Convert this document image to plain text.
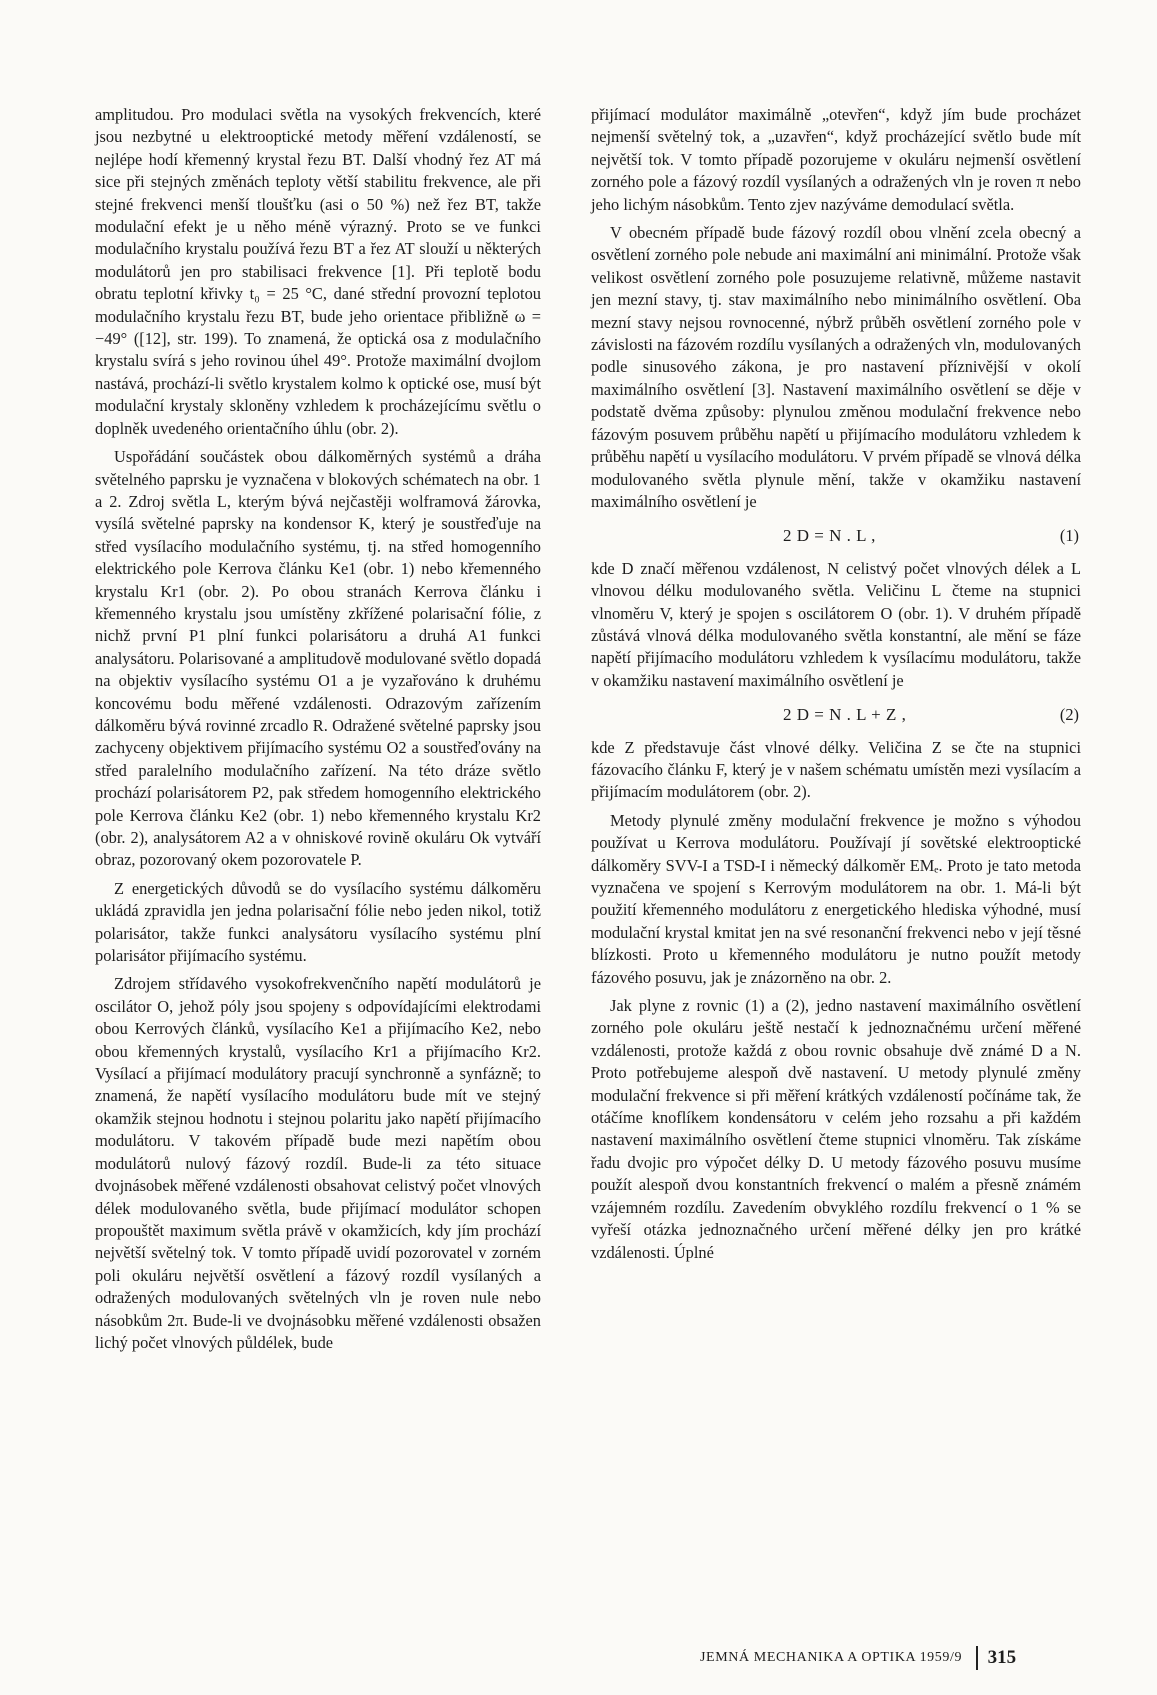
amplitudou. Pro modulaci světla na vysokých frekvencích, které jsou nezbytné u elektrooptické metody měření vzdáleností, se nejlépe hodí křemenný krystal řezu BT. Další vhodný řez AT má sice při stejných změnách teploty větší stabilitu frekvence, ale při stejné frekvenci menší tloušťku (asi o 50 %) než řez BT, takže modulační efekt je u něho méně výrazný. Proto se ve funkci modulačního krystalu používá řezu BT a řez AT slouží u některých modulátorů jen pro stabilisaci frekvence [1]. Při teplotě bodu obratu teplotní křivky t₀ = 25 °C, dané střední provozní teplotou modulačního krystalu řezu BT, bude jeho orientace přibližně ω = −49° ([12], str. 199). To znamená, že optická osa z modulačního krystalu svírá s jeho rovinou úhel 49°. Protože maximální dvojlom nastává, prochází-li světlo krystalem kolmo k optické ose, musí být modulační krystaly skloněny vzhledem k procházejícímu světlu o doplněk uvedeného orientačního úhlu (obr. 2).

Uspořádání součástek obou dálkoměrných systémů a dráha světelného paprsku je vyznačena v blokových schématech na obr. 1 a 2. Zdroj světla L, kterým bývá nejčastěji wolframová žárovka, vysílá světelné paprsky na kondensor K, který je soustřeďuje na střed vysílacího modulačního systému, tj. na střed homogenního elektrického pole Kerrova článku Ke1 (obr. 1) nebo křemenného krystalu Kr1 (obr. 2). Po obou stranách Kerrova článku i křemenného krystalu jsou umístěny zkřížené polarisační fólie, z nichž první P1 plní funkci polarisátoru a druhá A1 funkci analysátoru. Polarisované a amplitudově modulované světlo dopadá na objektiv vysílacího systému O1 a je vyzařováno k druhému koncovému bodu měřené vzdálenosti. Odrazovým zařízením dálkoměru bývá rovinné zrcadlo R. Odražené světelné paprsky jsou zachyceny objektivem přijímacího systému O2 a soustřeďovány na střed paralelního modulačního zařízení. Na této dráze světlo prochází polarisátorem P2, pak středem homogenního elektrického pole Kerrova článku Ke2 (obr. 1) nebo křemenného krystalu Kr2 (obr. 2), analysátorem A2 a v ohniskové rovině okuláru Ok vytváří obraz, pozorovaný okem pozorovatele P.

Z energetických důvodů se do vysílacího systému dálkoměru ukládá zpravidla jen jedna polarisační fólie nebo jeden nikol, totiž polarisátor, takže funkci analysátoru vysílacího systému plní polarisátor přijímacího systému.

Zdrojem střídavého vysokofrekvenčního napětí modulátorů je oscilátor O, jehož póly jsou spojeny s odpovídajícími elektrodami obou Kerrových článků, vysílacího Ke1 a přijímacího Ke2, nebo obou křemenných krystalů, vysílacího Kr1 a přijímacího Kr2. Vysílací a přijímací modulátory pracují synchronně a synfázně; to znamená, že napětí vysílacího modulátoru bude mít ve stejný okamžik stejnou hodnotu i stejnou polaritu jako napětí přijímacího modulátoru. V takovém případě bude mezi napětím obou modulátorů nulový fázový rozdíl. Bude-li za této situace dvojnásobek měřené vzdálenosti obsahovat celistvý počet vlnových délek modulovaného světla, bude přijímací modulátor schopen propouštět maximum světla právě v okamžicích, kdy jím prochází největší světelný tok. V tomto případě uvidí pozorovatel v zorném poli okuláru největší osvětlení a fázový rozdíl vysílaných a odražených modulovaných světelných vln je roven nule nebo násobkům 2π. Bude-li ve dvojnásobku měřené vzdálenosti obsažen lichý počet vlnových půldélek, bude

přijímací modulátor maximálně „otevřen“, když jím bude procházet nejmenší světelný tok, a „uzavřen“, když procházející světlo bude mít největší tok. V tomto případě pozorujeme v okuláru nejmenší osvětlení zorného pole a fázový rozdíl vysílaných a odražených vln je roven π nebo jeho lichým násobkům. Tento zjev nazýváme demodulací světla.

V obecném případě bude fázový rozdíl obou vlnění zcela obecný a osvětlení zorného pole nebude ani maximální ani minimální. Protože však velikost osvětlení zorného pole posuzujeme relativně, můžeme nastavit jen mezní stavy, tj. stav maximálního nebo minimálního osvětlení. Oba mezní stavy nejsou rovnocenné, nýbrž průběh osvětlení zorného pole v závislosti na fázovém rozdílu vysílaných a odražených vln, modulovaných podle sinusového zákona, je pro nastavení příznivější v okolí maximálního osvětlení [3]. Nastavení maximálního osvětlení se děje v podstatě dvěma způsoby: plynulou změnou modulační frekvence nebo fázovým posuvem průběhu napětí u přijímacího modulátoru vzhledem k průběhu napětí u vysílacího modulátoru. V prvém případě se vlnová délka modulovaného světla plynule mění, takže v okamžiku nastavení maximálního osvětlení je

2 D = N . L ,	(1)

kde D značí měřenou vzdálenost, N celistvý počet vlnových délek a L vlnovou délku modulovaného světla. Veličinu L čteme na stupnici vlnoměru V, který je spojen s oscilátorem O (obr. 1). V druhém případě zůstává vlnová délka modulovaného světla konstantní, ale mění se fáze napětí přijímacího modulátoru vzhledem k vysílacímu modulátoru, takže v okamžiku nastavení maximálního osvětlení je

2 D = N . L + Z ,	(2)

kde Z představuje část vlnové délky. Veličina Z se čte na stupnici fázovacího článku F, který je v našem schématu umístěn mezi vysílacím a přijímacím modulátorem (obr. 2).

Metody plynulé změny modulační frekvence je možno s výhodou používat u Kerrova modulátoru. Používají jí sovětské elektrooptické dálkoměry SVV-I a TSD-I i německý dálkoměr EMₑ. Proto je tato metoda vyznačena ve spojení s Kerrovým modulátorem na obr. 1. Má-li být použití křemenného modulátoru z energetického hlediska výhodné, musí modulační krystal kmitat jen na své resonanční frekvenci nebo v její těsné blízkosti. Proto u křemenného modulátoru je nutno použít metody fázového posuvu, jak je znázorněno na obr. 2.

Jak plyne z rovnic (1) a (2), jedno nastavení maximálního osvětlení zorného pole okuláru ještě nestačí k jednoznačnému určení měřené vzdálenosti, protože každá z obou rovnic obsahuje dvě známé D a N. Proto potřebujeme alespoň dvě nastavení. U metody plynulé změny modulační frekvence si při měření krátkých vzdáleností počínáme tak, že otáčíme knoflíkem kondensátoru v celém jeho rozsahu a při každém nastavení maximálního osvětlení čteme stupnici vlnoměru. Tak získáme řadu dvojic pro výpočet délky D. U metody fázového posuvu musíme použít alespoň dvou konstantních frekvencí o malém a přesně známém vzájemném rozdílu. Zavedením obvyklého rozdílu frekvencí o 1 % se vyřeší otázka jednoznačného určení měřené délky jen pro krátké vzdálenosti. Úplné

JEMNÁ MECHANIKA A OPTIKA 1959/9 315
